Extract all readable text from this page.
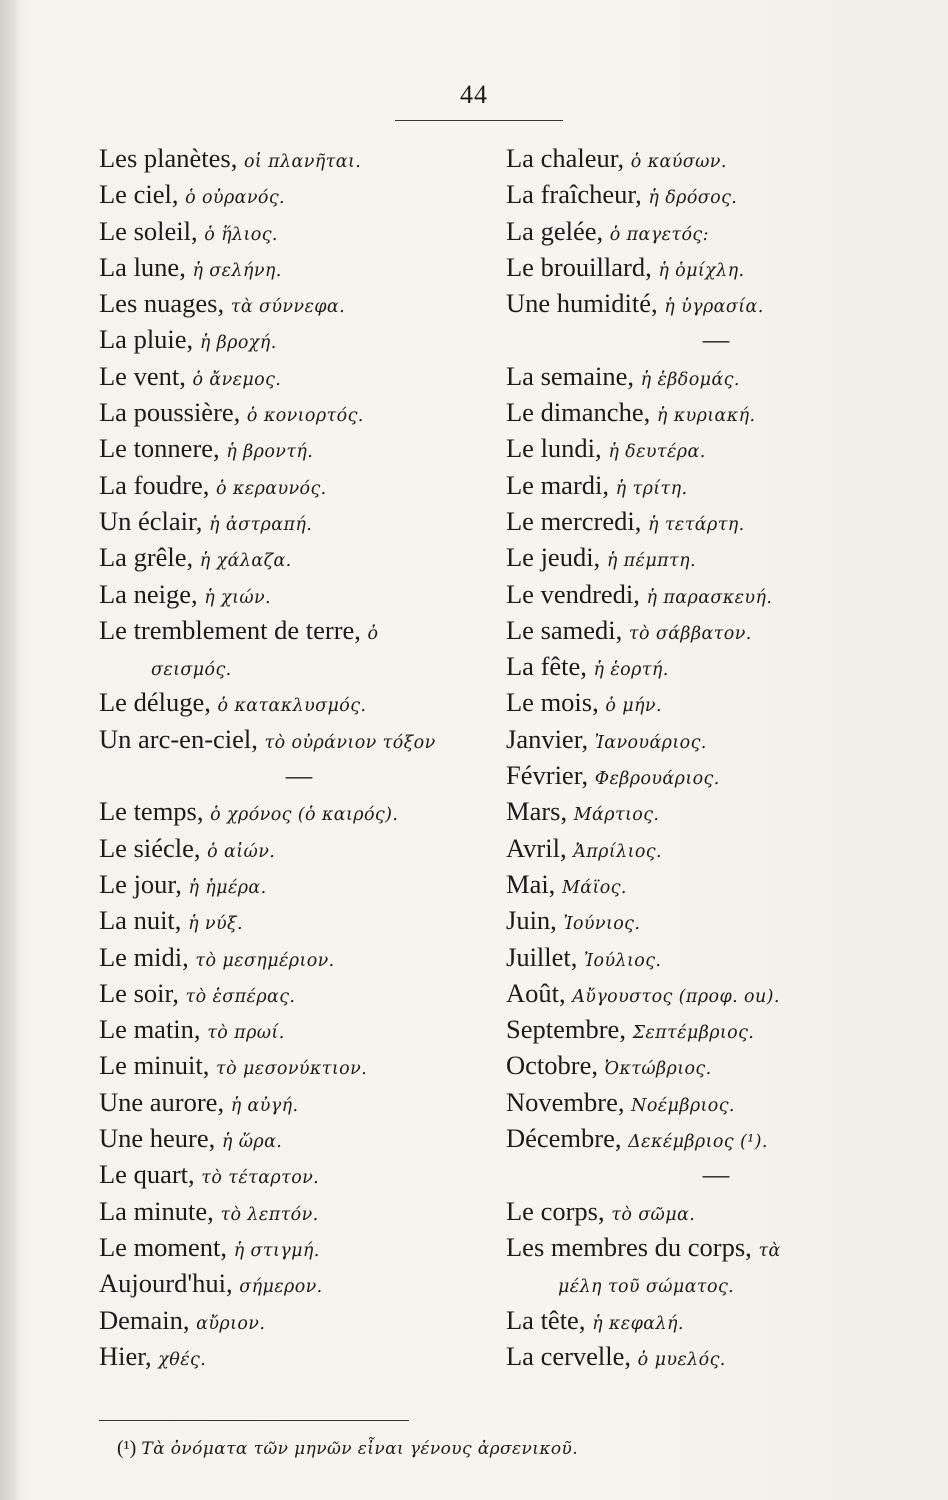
44
Les planètes, οἱ πλανῆται.
Le ciel, ὁ οὐρανός.
Le soleil, ὁ ἥλιος.
La lune, ἡ σελήνη.
Les nuages, τὰ σύννεφα.
La pluie, ἡ βροχή.
Le vent, ὁ ἄνεμος.
La poussière, ὁ κονιορτός.
Le tonnere, ἡ βροντή.
La foudre, ὁ κεραυνός.
Un éclair, ἡ ἀστραπή.
La grêle, ἡ χάλαζα.
La neige, ἡ χιών.
Le tremblement de terre, ὁ
σεισμός.
Le déluge, ὁ κατακλυσμός.
Un arc-en-ciel, τὸ οὐράνιον τόξον
—
Le temps, ὁ χρόνος (ὁ καιρός).
Le siécle, ὁ αἰών.
Le jour, ἡ ἡμέρα.
La nuit, ἡ νύξ.
Le midi, τὸ μεσημέριον.
Le soir, τὸ ἑσπέρας.
Le matin, τὸ πρωί.
Le minuit, τὸ μεσονύκτιον.
Une aurore, ἡ αὐγή.
Une heure, ἡ ὥρα.
Le quart, τὸ τέταρτον.
La minute, τὸ λεπτόν.
Le moment, ἡ στιγμή.
Aujourd'hui, σήμερον.
Demain, αὔριον.
Hier, χθές.
La chaleur, ὁ καύσων.
La fraîcheur, ἡ δρόσος.
La gelée, ὁ παγετός:
Le brouillard, ἡ ὁμίχλη.
Une humidité, ἡ ὑγρασία.
—
La semaine, ἡ ἑβδομάς.
Le dimanche, ἡ κυριακή.
Le lundi, ἡ δευτέρα.
Le mardi, ἡ τρίτη.
Le mercredi, ἡ τετάρτη.
Le jeudi, ἡ πέμπτη.
Le vendredi, ἡ παρασκευή.
Le samedi, τὸ σάββατον.
La fête, ἡ ἑορτή.
Le mois, ὁ μήν.
Janvier, Ἰανουάριος.
Février, Φεβρουάριος.
Mars, Μάρτιος.
Avril, Ἀπρίλιος.
Mai, Μάϊος.
Juin, Ἰούνιος.
Juillet, Ἰούλιος.
Août, Αὔγουστος (προφ. ou).
Septembre, Σεπτέμβριος.
Octobre, Ὀκτώβριος.
Novembre, Νοέμβριος.
Décembre, Δεκέμβριος (¹).
—
Le corps, τὸ σῶμα.
Les membres du corps, τὰ
μέλη τοῦ σώματος.
La tête, ἡ κεφαλή.
La cervelle, ὁ μυελός.
(¹) Τὰ ὀνόματα τῶν μηνῶν εἶναι γένους ἀρσενικοῦ.
